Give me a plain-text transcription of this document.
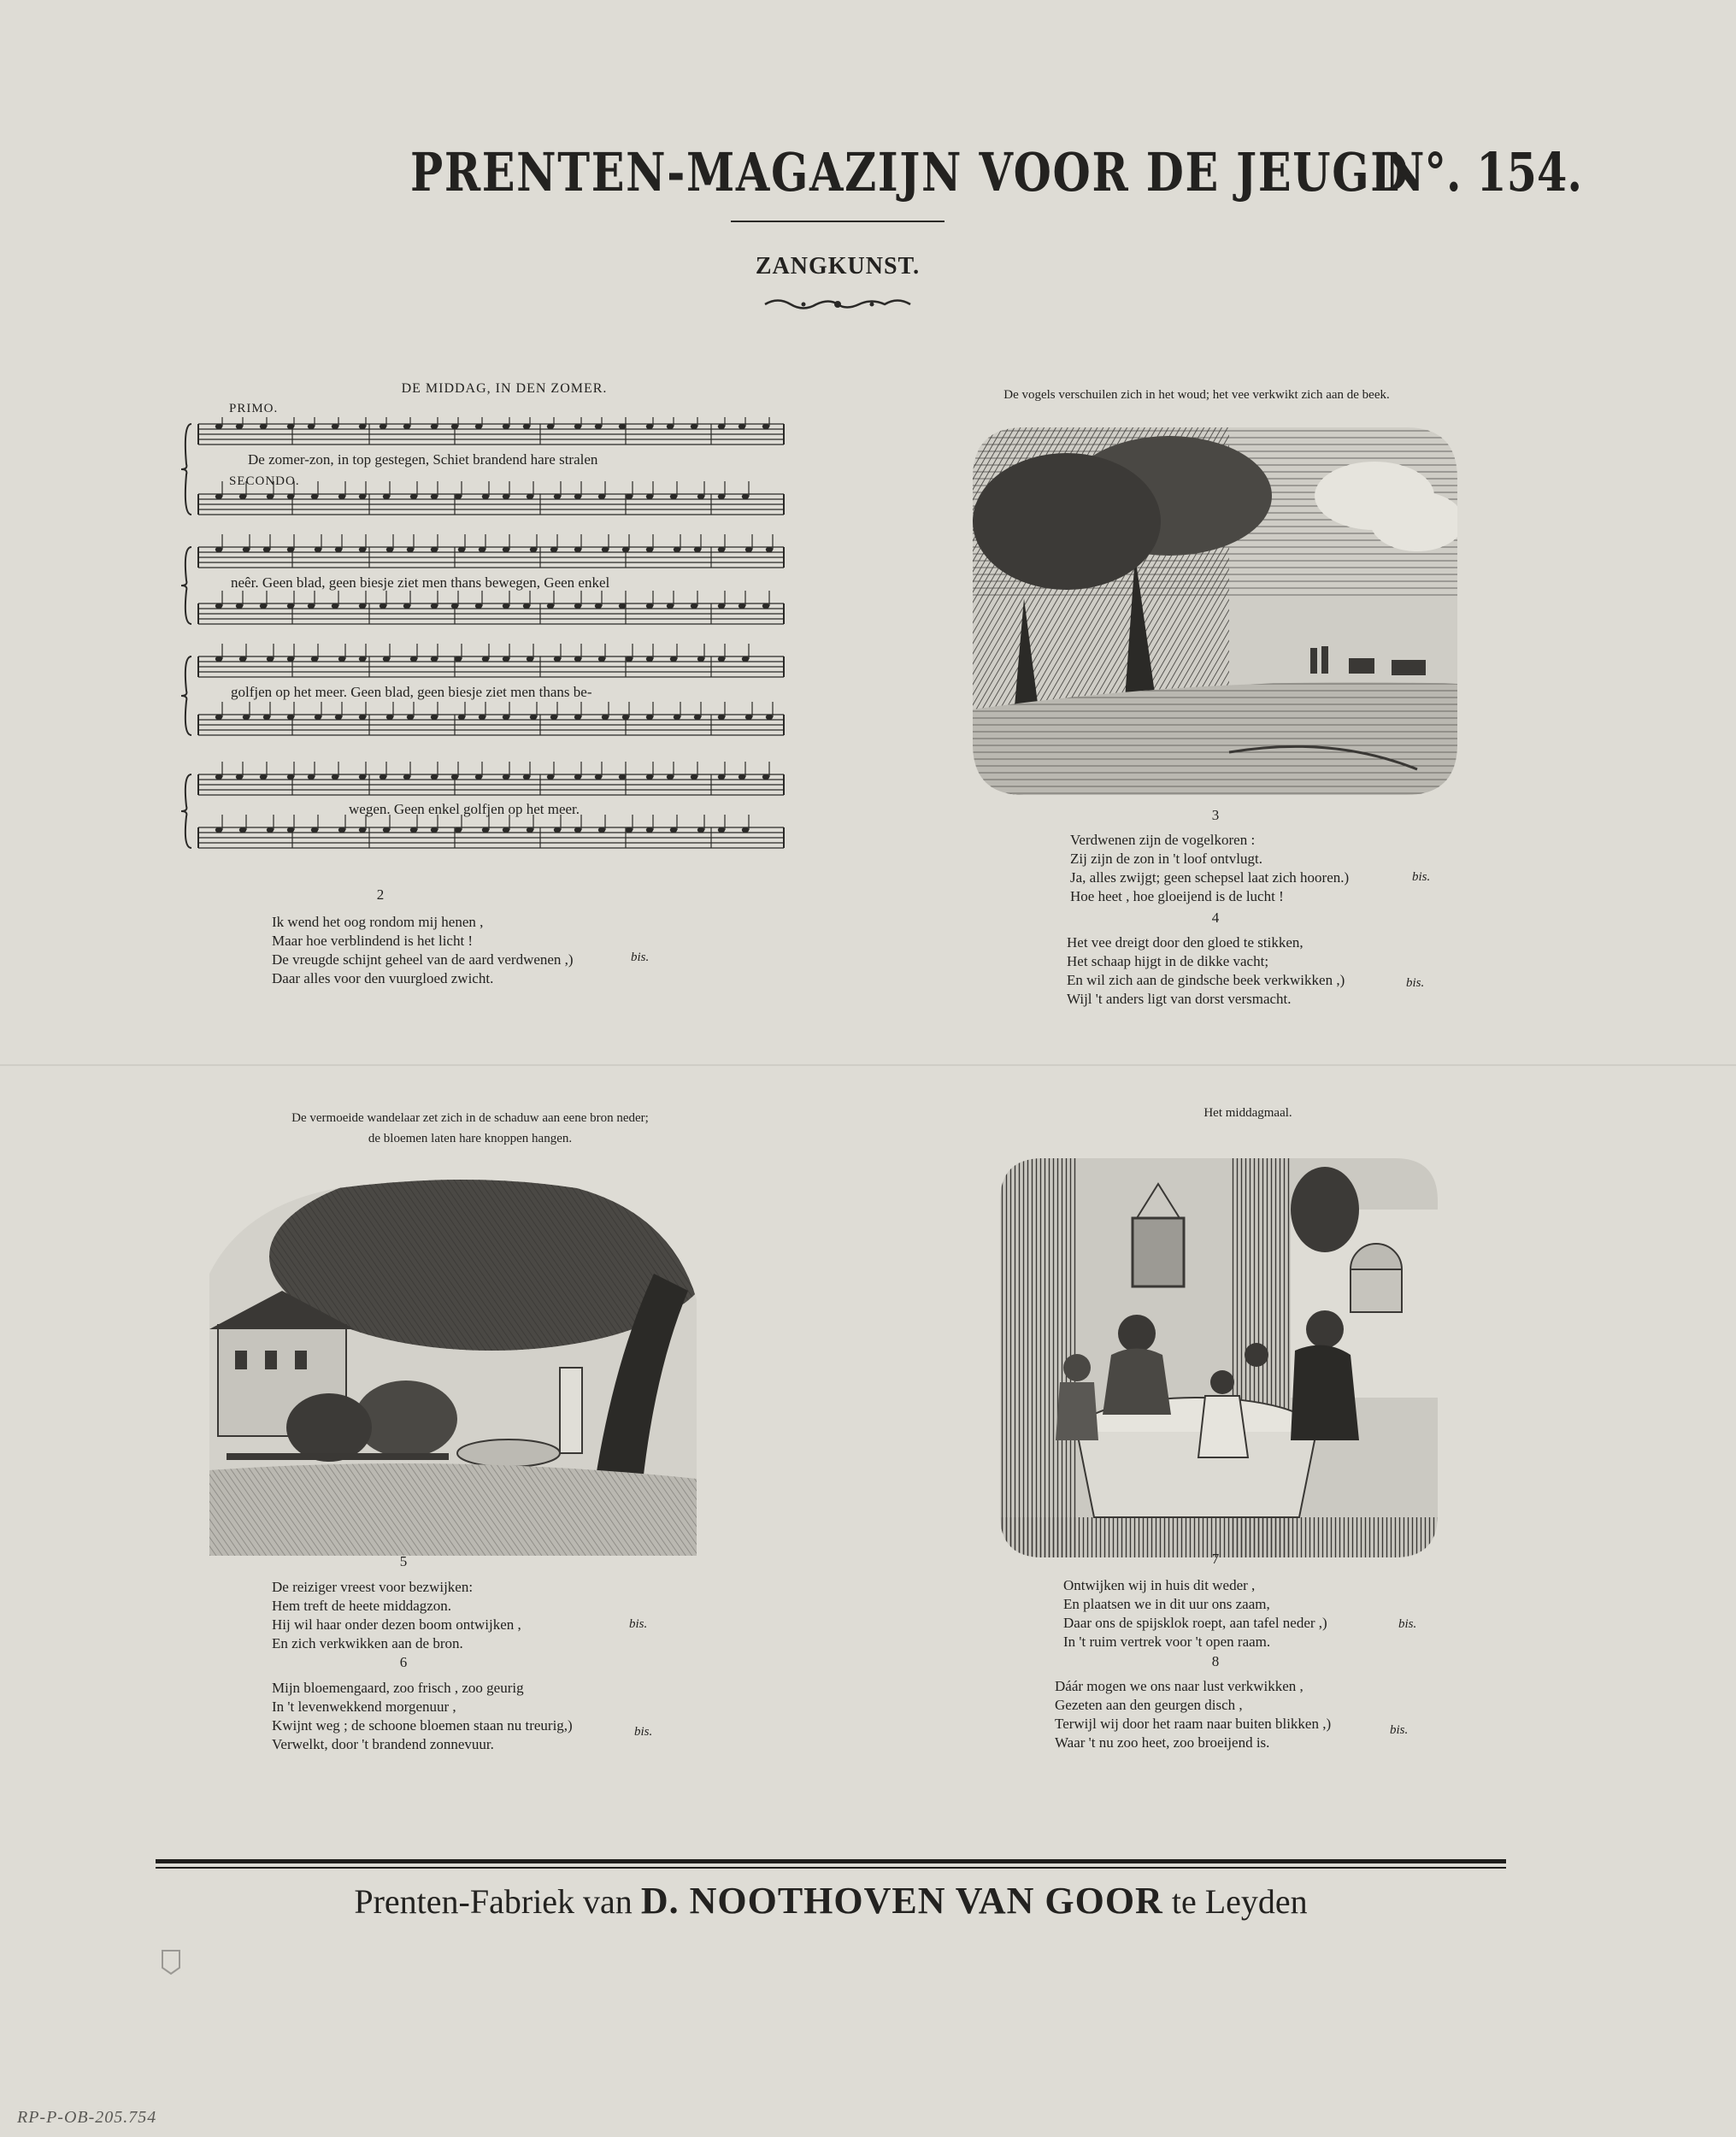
PRENTEN-MAGAZIJN VOOR DE JEUGD
N°. 154.
ZANGKUNST.
DE MIDDAG, IN DEN ZOMER.
PRIMO.
SECONDO.
De zomer-zon, in top gestegen, Schiet brandend hare stralen
neêr. Geen blad, geen biesje ziet men thans bewegen, Geen enkel
golfjen op het meer. Geen blad, geen biesje ziet men thans be-
wegen. Geen enkel golfjen op het meer.
2
Ik wend het oog rondom mij henen ,
Maar hoe verblindend is het licht !
De vreugde schijnt geheel van de aard verdwenen ,)
Daar alles voor den vuurgloed zwicht.
bis.
De vogels verschuilen zich in het woud; het vee verkwikt zich aan de beek.
3
Verdwenen zijn de vogelkoren :
Zij zijn de zon in 't loof ontvlugt.
Ja, alles zwijgt; geen schepsel laat zich hooren.)
Hoe heet , hoe gloeijend is de lucht !
bis.
4
Het vee dreigt door den gloed te stikken,
Het schaap hijgt in de dikke vacht;
En wil zich aan de gindsche beek verkwikken ,)
Wijl 't anders ligt van dorst versmacht.
bis.
De vermoeide wandelaar zet zich in de schaduw aan eene bron neder;
de bloemen laten hare knoppen hangen.
5
De reiziger vreest voor bezwijken:
Hem treft de heete middagzon.
Hij wil haar onder dezen boom ontwijken ,
En zich verkwikken aan de bron.
bis.
6
Mijn bloemengaard, zoo frisch , zoo geurig
In 't levenwekkend morgenuur ,
Kwijnt weg ; de schoone bloemen staan nu treurig,)
Verwelkt, door 't brandend zonnevuur.
bis.
Het middagmaal.
7
Ontwijken wij in huis dit weder ,
En plaatsen we in dit uur ons zaam,
Daar ons de spijsklok roept, aan tafel neder ,)
In 't ruim vertrek voor 't open raam.
bis.
8
Dáár mogen we ons naar lust verkwikken ,
Gezeten aan den geurgen disch ,
Terwijl wij door het raam naar buiten blikken ,)
Waar 't nu zoo heet, zoo broeijend is.
bis.
Prenten-Fabriek van D. NOOTHOVEN VAN GOOR te Leyden
RP-P-OB-205.754
